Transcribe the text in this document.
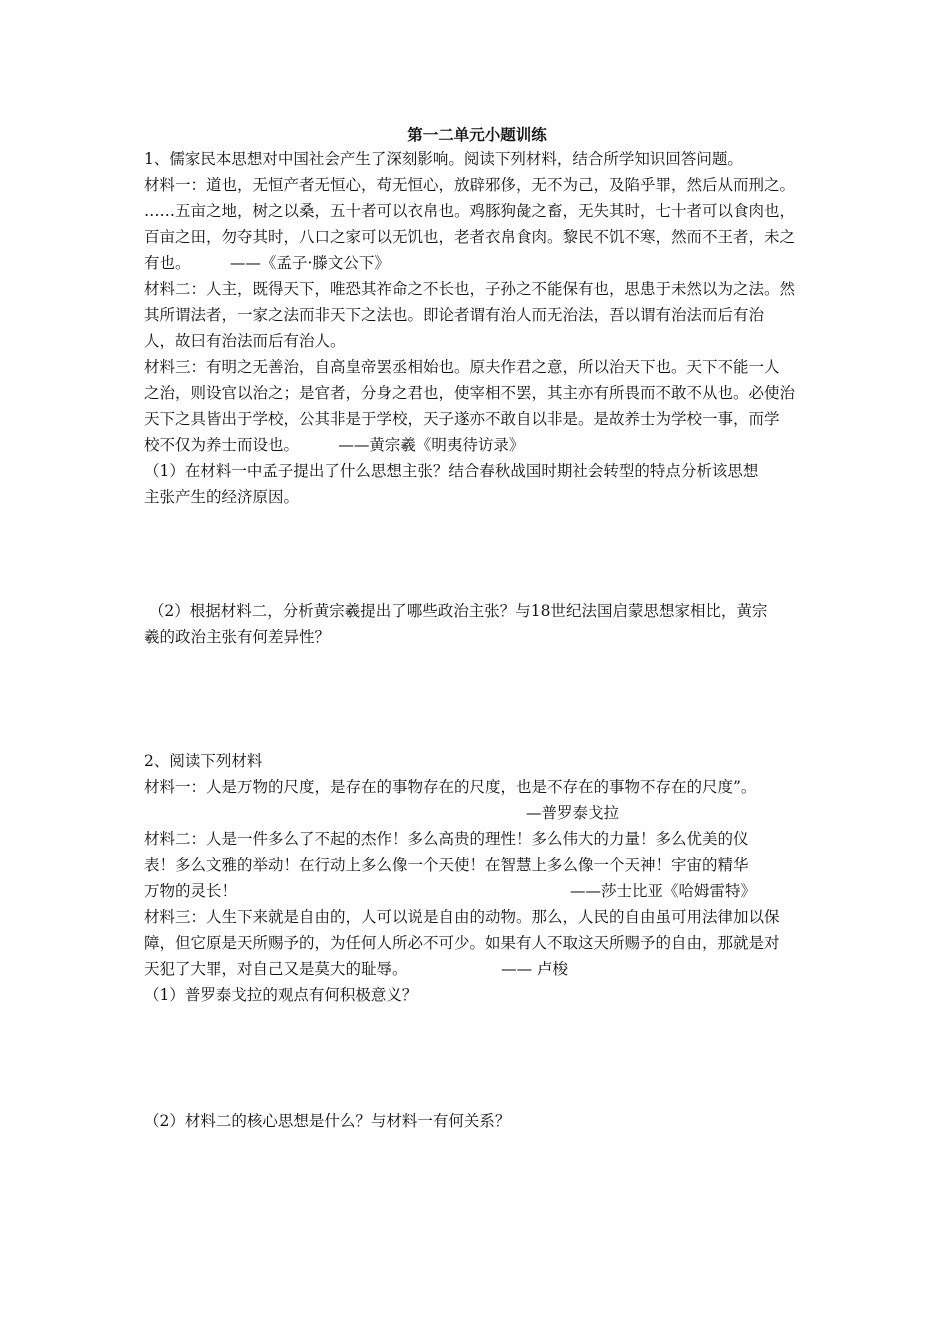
第一二单元小题训练
1、儒家民本思想对中国社会产生了深刻影响。阅读下列材料，结合所学知识回答问题。
材料一：道也，无恒产者无恒心，苟无恒心，放辟邪侈，无不为己，及陷乎罪，然后从而刑之。
……五亩之地，树之以桑，五十者可以衣帛也。鸡豚狗彘之畜，无失其时，七十者可以食肉也，
百亩之田，勿夺其时，八口之家可以无饥也，老者衣帛食肉。黎民不饥不寒，然而不王者，未之
有也。        ——《孟子·滕文公下》
材料二：人主，既得天下，唯恐其祚命之不长也，子孙之不能保有也，思患于未然以为之法。然
其所谓法者，一家之法而非天下之法也。即论者谓有治人而无治法，吾以谓有治法而后有治
人，故曰有治法而后有治人。
材料三：有明之无善治，自高皇帝罢丞相始也。原夫作君之意，所以治天下也。天下不能一人
之治，则设官以治之；是官者，分身之君也，使宰相不罢，其主亦有所畏而不敢不从也。必使治
天下之具皆出于学校，公其非是于学校，天子遂亦不敢自以非是。是故养士为学校一事，而学
校不仅为养士而设也。        ——黄宗羲《明夷待访录》
（1）在材料一中孟子提出了什么思想主张？结合春秋战国时期社会转型的特点分析该思想
主张产生的经济原因。
（2）根据材料二，分析黄宗羲提出了哪些政治主张？与18世纪法国启蒙思想家相比，黄宗
羲的政治主张有何差异性？
2、阅读下列材料
材料一：人是万物的尺度，是存在的事物存在的尺度，也是不存在的事物不存在的尺度”。
—普罗泰戈拉
材料二：人是一件多么了不起的杰作！多么高贵的理性！多么伟大的力量！多么优美的仪
表！多么文雅的举动！在行动上多么像一个天使！在智慧上多么像一个天神！宇宙的精华
万物的灵长！	——莎士比亚《哈姆雷特》
材料三：人生下来就是自由的，人可以说是自由的动物。那么，人民的自由虽可用法律加以保
障，但它原是天所赐予的，为任何人所必不可少。如果有人不取这天所赐予的自由，那就是对
天犯了大罪，对自己又是莫大的耻辱。                   —— 卢梭
（1）普罗泰戈拉的观点有何积极意义？
（2）材料二的核心思想是什么？与材料一有何关系？
